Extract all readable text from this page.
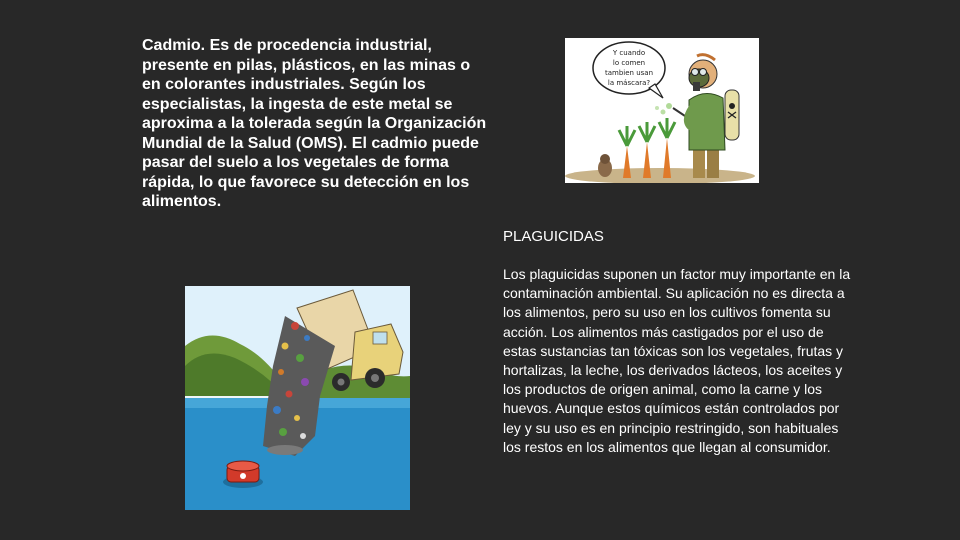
Cadmio. Es de procedencia industrial, presente en pilas, plásticos, en las minas o en colorantes industriales. Según los especialistas, la ingesta de este metal se aproxima a la tolerada según la Organización Mundial de la Salud (OMS). El cadmio puede pasar del suelo a los vegetales de forma rápida, lo que favorece su detección en los alimentos.

Y cuando
lo comen
tambien usan
la máscara?
PLAGUICIDAS

Los plaguicidas suponen un factor muy importante en la contaminación ambiental. Su aplicación no es directa a los alimentos, pero su uso en los cultivos fomenta su acción. Los alimentos más castigados por el uso de estas sustancias tan tóxicas son los vegetales, frutas y hortalizas, la leche, los derivados lácteos, los aceites y los productos de origen animal, como la carne y los huevos. Aunque estos químicos están controlados por ley y su uso es en principio restringido, son habituales los restos en los alimentos que llegan al consumidor.
